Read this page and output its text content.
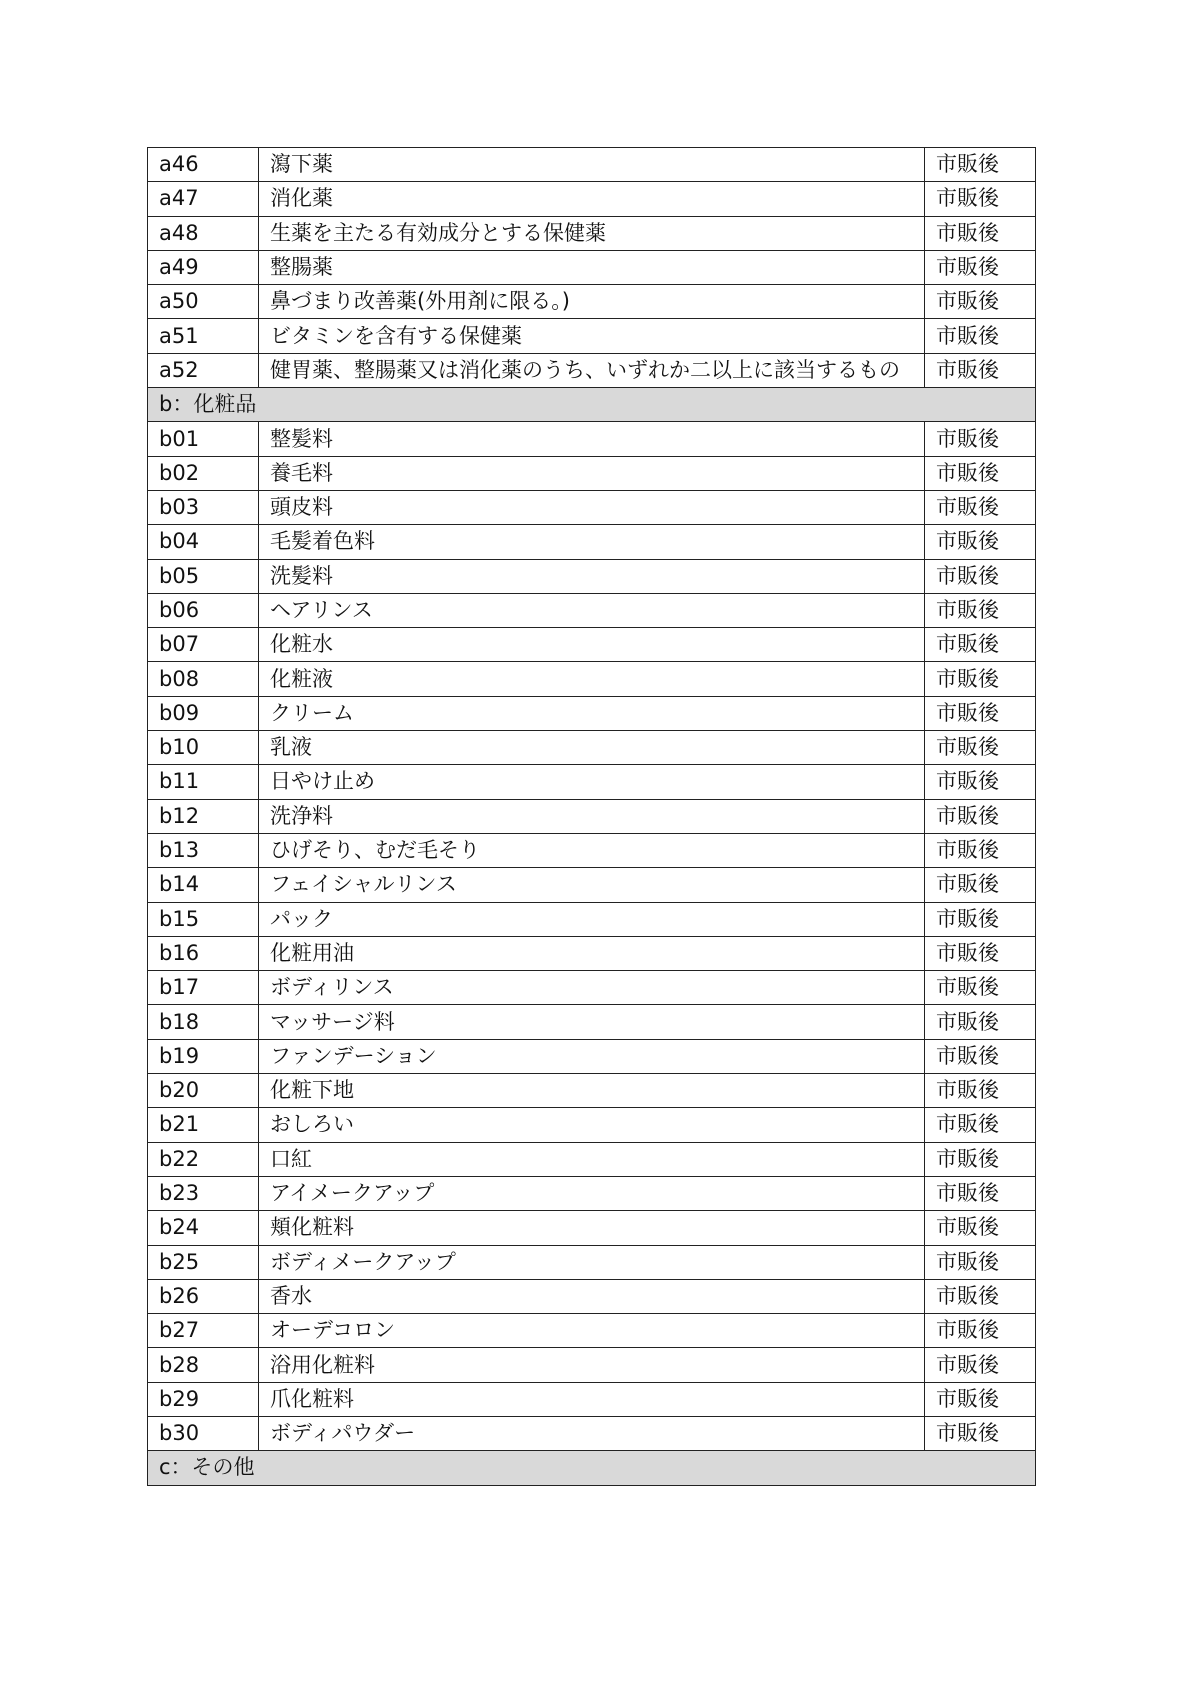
a46	瀉下薬	市販後
a47	消化薬	市販後
a48	生薬を主たる有効成分とする保健薬	市販後
a49	整腸薬	市販後
a50	鼻づまり改善薬(外用剤に限る。)	市販後
a51	ビタミンを含有する保健薬	市販後
a52	健胃薬、整腸薬又は消化薬のうち、いずれか二以上に該当するもの	市販後
b：化粧品		
b01	整髪料	市販後
b02	養毛料	市販後
b03	頭皮料	市販後
b04	毛髪着色料	市販後
b05	洗髪料	市販後
b06	ヘアリンス	市販後
b07	化粧水	市販後
b08	化粧液	市販後
b09	クリーム	市販後
b10	乳液	市販後
b11	日やけ止め	市販後
b12	洗浄料	市販後
b13	ひげそり、むだ毛そり	市販後
b14	フェイシャルリンス	市販後
b15	パック	市販後
b16	化粧用油	市販後
b17	ボディリンス	市販後
b18	マッサージ料	市販後
b19	ファンデーション	市販後
b20	化粧下地	市販後
b21	おしろい	市販後
b22	口紅	市販後
b23	アイメークアップ	市販後
b24	頬化粧料	市販後
b25	ボディメークアップ	市販後
b26	香水	市販後
b27	オーデコロン	市販後
b28	浴用化粧料	市販後
b29	爪化粧料	市販後
b30	ボディパウダー	市販後
c：その他		
